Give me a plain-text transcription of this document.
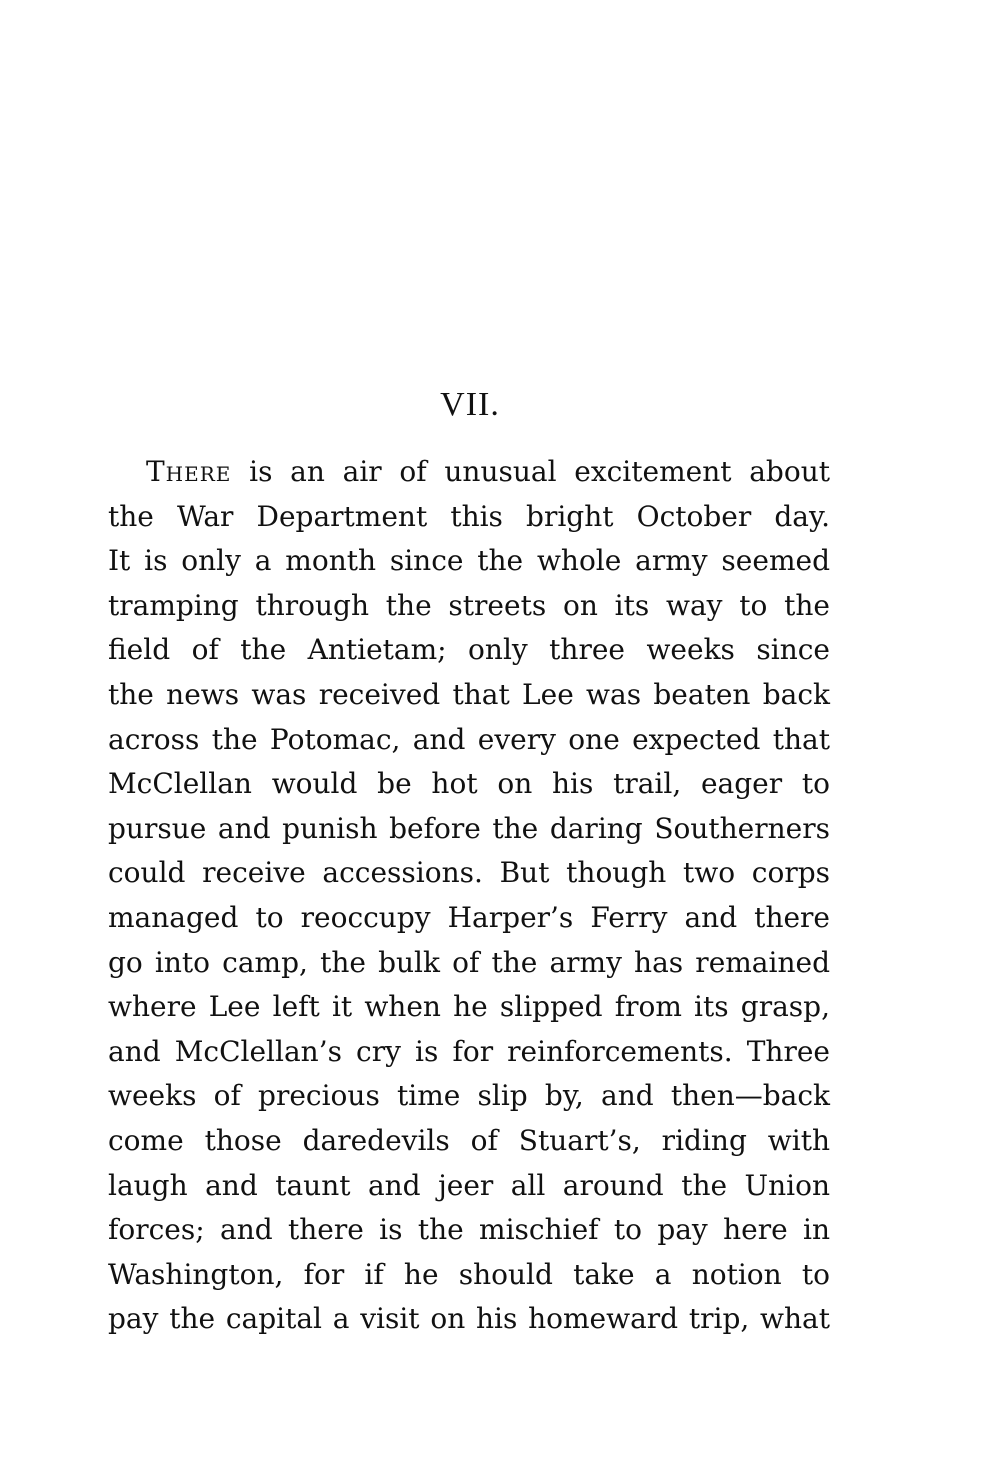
VII.
There is an air of unusual excitement about
the War Department this bright October day.
It is only a month since the whole army seemed
tramping through the streets on its way to the
field of the Antietam; only three weeks since
the news was received that Lee was beaten back
across the Potomac, and every one expected that
McClellan would be hot on his trail, eager to
pursue and punish before the daring Southerners
could receive accessions. But though two corps
managed to reoccupy Harper’s Ferry and there
go into camp, the bulk of the army has remained
where Lee left it when he slipped from its grasp,
and McClellan’s cry is for reinforcements. Three
weeks of precious time slip by, and then—back
come those daredevils of Stuart’s, riding with
laugh and taunt and jeer all around the Union
forces; and there is the mischief to pay here in
Washington, for if he should take a notion to
pay the capital a visit on his homeward trip, what
